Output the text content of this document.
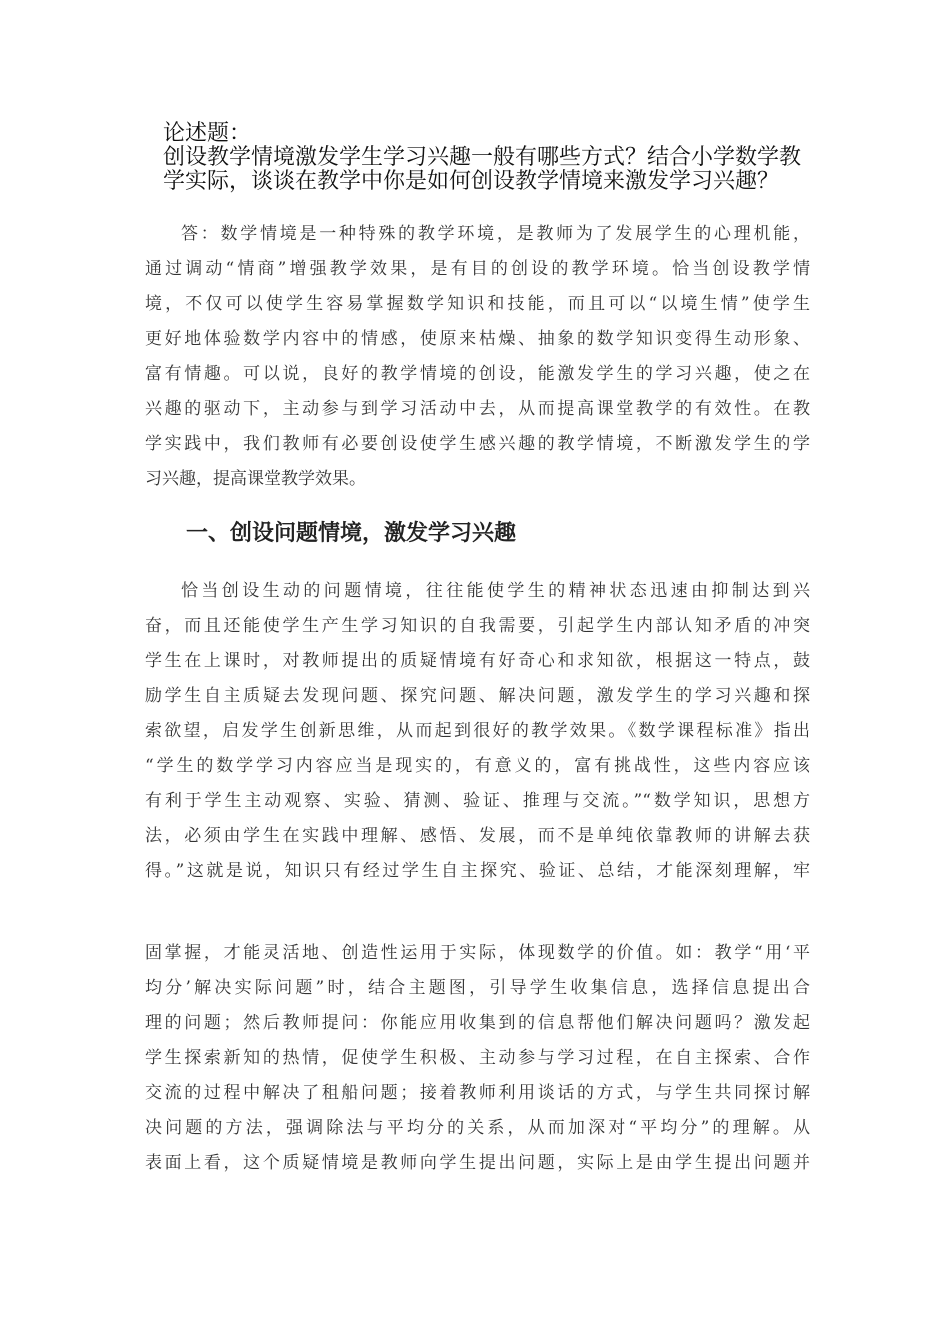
论述题：

创设教学情境激发学生学习兴趣一般有哪些方式？结合小学数学教

学实际，谈谈在教学中你是如何创设教学情境来激发学习兴趣？

答：数学情境是一种特殊的教学环境，是教师为了发展学生的心理机能，
通过调动“情商”增强教学效果，是有目的创设的教学环境。恰当创设教学情
境，不仅可以使学生容易掌握数学知识和技能，而且可以“以境生情”使学生
更好地体验数学内容中的情感，使原来枯燥、抽象的数学知识变得生动形象、
富有情趣。可以说，良好的教学情境的创设，能激发学生的学习兴趣，使之在
兴趣的驱动下，主动参与到学习活动中去，从而提高课堂教学的有效性。在教
学实践中，我们教师有必要创设使学生感兴趣的教学情境，不断激发学生的学
习兴趣，提高课堂教学效果。
一、创设问题情境，激发学习兴趣
恰当创设生动的问题情境，往往能使学生的精神状态迅速由抑制达到兴
奋，而且还能使学生产生学习知识的自我需要，引起学生内部认知矛盾的冲突
学生在上课时，对教师提出的质疑情境有好奇心和求知欲，根据这一特点，鼓
励学生自主质疑去发现问题、探究问题、解决问题，激发学生的学习兴趣和探
索欲望，启发学生创新思维，从而起到很好的教学效果。《数学课程标准》指出
“学生的数学学习内容应当是现实的，有意义的，富有挑战性，这些内容应该
有利于学生主动观察、实验、猜测、验证、推理与交流。”“数学知识，思想方
法，必须由学生在实践中理解、感悟、发展，而不是单纯依靠教师的讲解去获
得。”这就是说，知识只有经过学生自主探究、验证、总结，才能深刻理解，牢
固掌握，才能灵活地、创造性运用于实际，体现数学的价值。如：教学“用‘平
均分’解决实际问题”时，结合主题图，引导学生收集信息，选择信息提出合
理的问题；然后教师提问：你能应用收集到的信息帮他们解决问题吗？激发起
学生探索新知的热情，促使学生积极、主动参与学习过程，在自主探索、合作
交流的过程中解决了租船问题；接着教师利用谈话的方式，与学生共同探讨解
决问题的方法，强调除法与平均分的关系，从而加深对“平均分”的理解。从
表面上看，这个质疑情境是教师向学生提出问题，实际上是由学生提出问题并
